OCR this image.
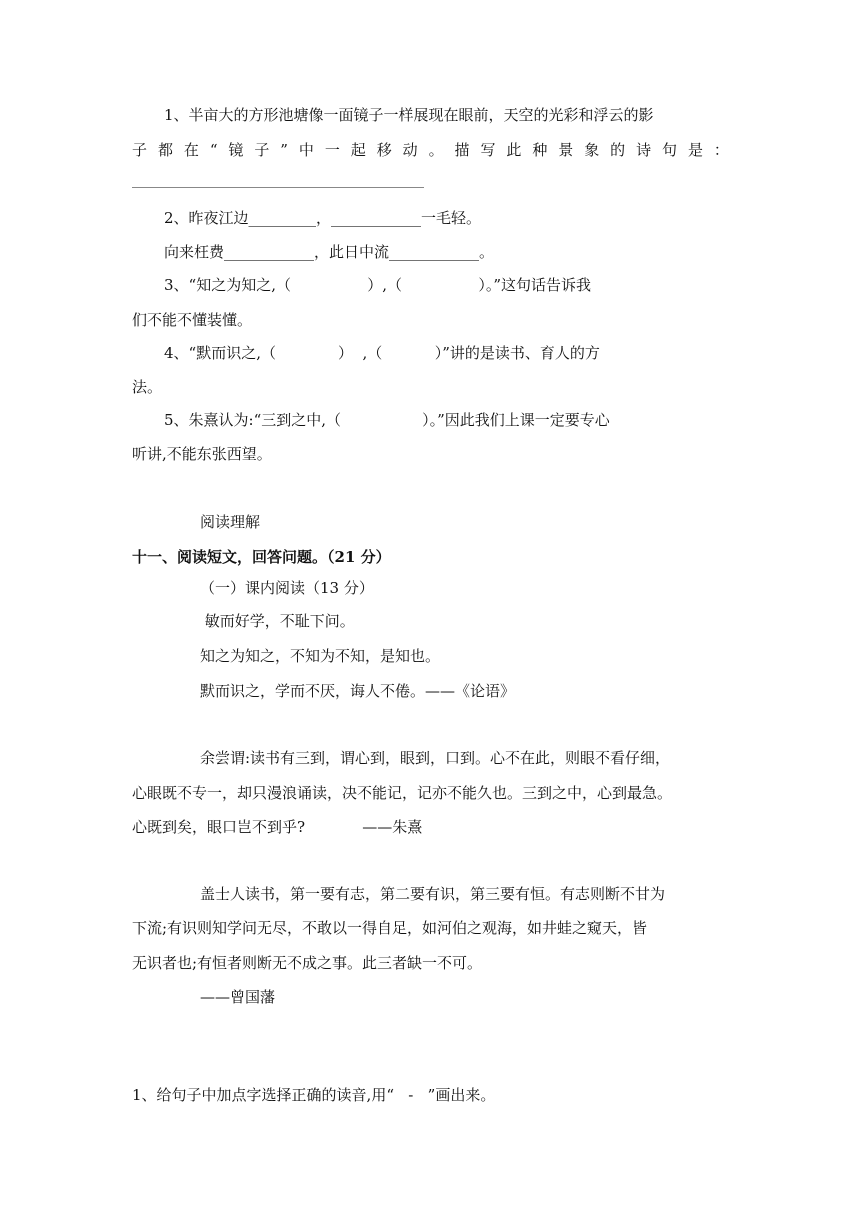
1、半亩大的方形池塘像一面镜子一样展现在眼前，天空的光彩和浮云的影
子 都 在 “ 镜 子 ” 中 一 起 移 动 。 描 写 此 种 景 象 的 诗 句 是 ：
2、昨夜江边_________，____________一毛轻。
向来枉费____________，此日中流____________。
3、“知之为知之,（                ）,（                ）。”这句话告诉我
们不能不懂装懂。
4、“默而识之,（             ）  ,（           ）”讲的是读书、育人的方
法。
5、朱熹认为:“三到之中,（                 ）。”因此我们上课一定要专心
听讲,不能东张西望。
阅读理解
十一、阅读短文，回答问题。（21 分）
（一）课内阅读（13 分）
敏而好学，不耻下问。
知之为知之，不知为不知，是知也。
默而识之，学而不厌，诲人不倦。——《论语》
余尝谓:读书有三到，谓心到，眼到，口到。心不在此，则眼不看仔细，
心眼既不专一，却只漫浪诵读，决不能记，记亦不能久也。三到之中，心到最急。
心既到矣，眼口岂不到乎?            ——朱熹
盖士人读书，第一要有志，第二要有识，第三要有恒。有志则断不甘为
下流;有识则知学问无尽，不敢以一得自足，如河伯之观海，如井蛙之窥天，皆
无识者也;有恒者则断无不成之事。此三者缺一不可。
——曾国藩
1、给句子中加点字选择正确的读音,用“   -   ”画出来。
